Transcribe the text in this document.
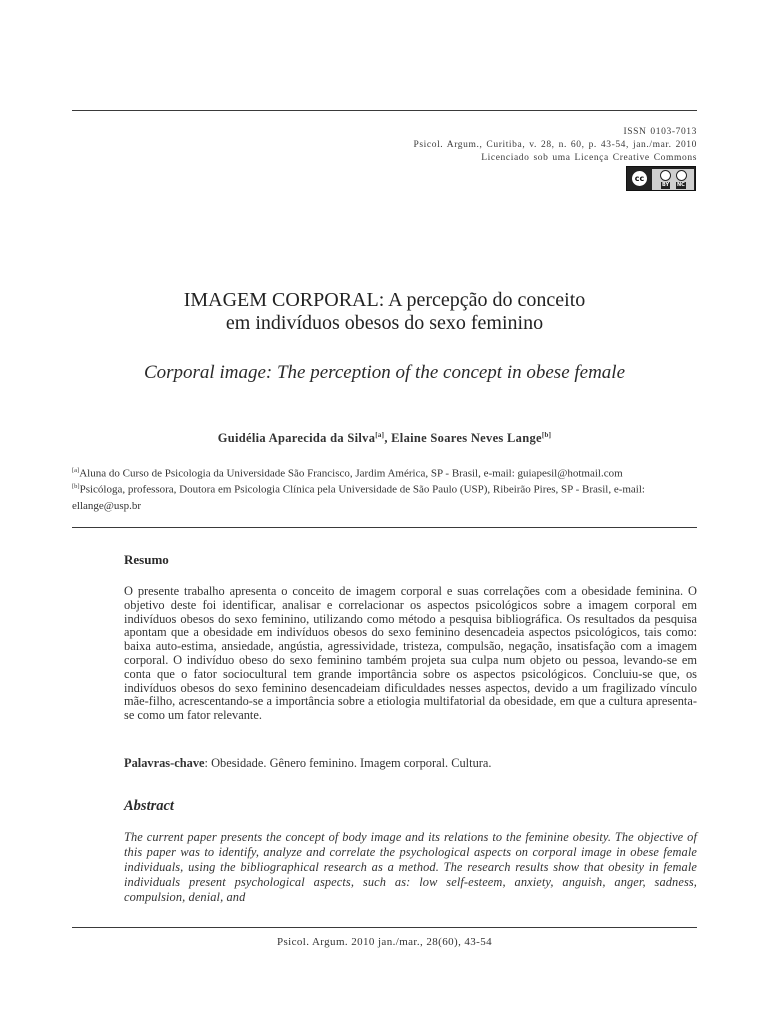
ISSN 0103-7013
Psicol. Argum., Curitiba, v. 28, n. 60, p. 43-54, jan./mar. 2010
Licenciado sob uma Licença Creative Commons
cc
BY NC
IMAGEM CORPORAL: A percepção do conceito
em indivíduos obesos do sexo feminino
Corporal image: The perception of the concept in obese female
Guidélia Aparecida da Silva[a], Elaine Soares Neves Lange[b]
[a]Aluna do Curso de Psicologia da Universidade São Francisco, Jardim América, SP - Brasil, e-mail: guiapesil@hotmail.com
[b]Psicóloga, professora, Doutora em Psicologia Clínica pela Universidade de São Paulo (USP), Ribeirão Pires, SP - Brasil, e-mail: ellange@usp.br
Resumo
O presente trabalho apresenta o conceito de imagem corporal e suas correlações com a obesidade feminina. O objetivo deste foi identificar, analisar e correlacionar os aspectos psicológicos sobre a imagem corporal em indivíduos obesos do sexo feminino, utilizando como método a pesquisa bibliográfica. Os resultados da pesquisa apontam que a obesidade em indivíduos obesos do sexo feminino desencadeia aspectos psicológicos, tais como: baixa auto-estima, ansiedade, angústia, agressividade, tristeza, compulsão, negação, insatisfação com a imagem corporal. O indivíduo obeso do sexo feminino também projeta sua culpa num objeto ou pessoa, levando-se em conta que o fator sociocultural tem grande importância sobre os aspectos psicológicos. Concluiu-se que, os indivíduos obesos do sexo feminino desencadeiam dificuldades nesses aspectos, devido a um fragilizado vínculo mãe-filho, acrescentando-se a importância sobre a etiologia multifatorial da obesidade, em que a cultura apresenta-se como um fator relevante.
Palavras-chave: Obesidade. Gênero feminino. Imagem corporal. Cultura.
Abstract
The current paper presents the concept of body image and its relations to the feminine obesity. The objective of this paper was to identify, analyze and correlate the psychological aspects on corporal image in obese female individuals, using the bibliographical research as a method. The research results show that obesity in female individuals present psychological aspects, such as: low self-esteem, anxiety, anguish, anger, sadness, compulsion, denial, and
Psicol. Argum. 2010 jan./mar., 28(60), 43-54
